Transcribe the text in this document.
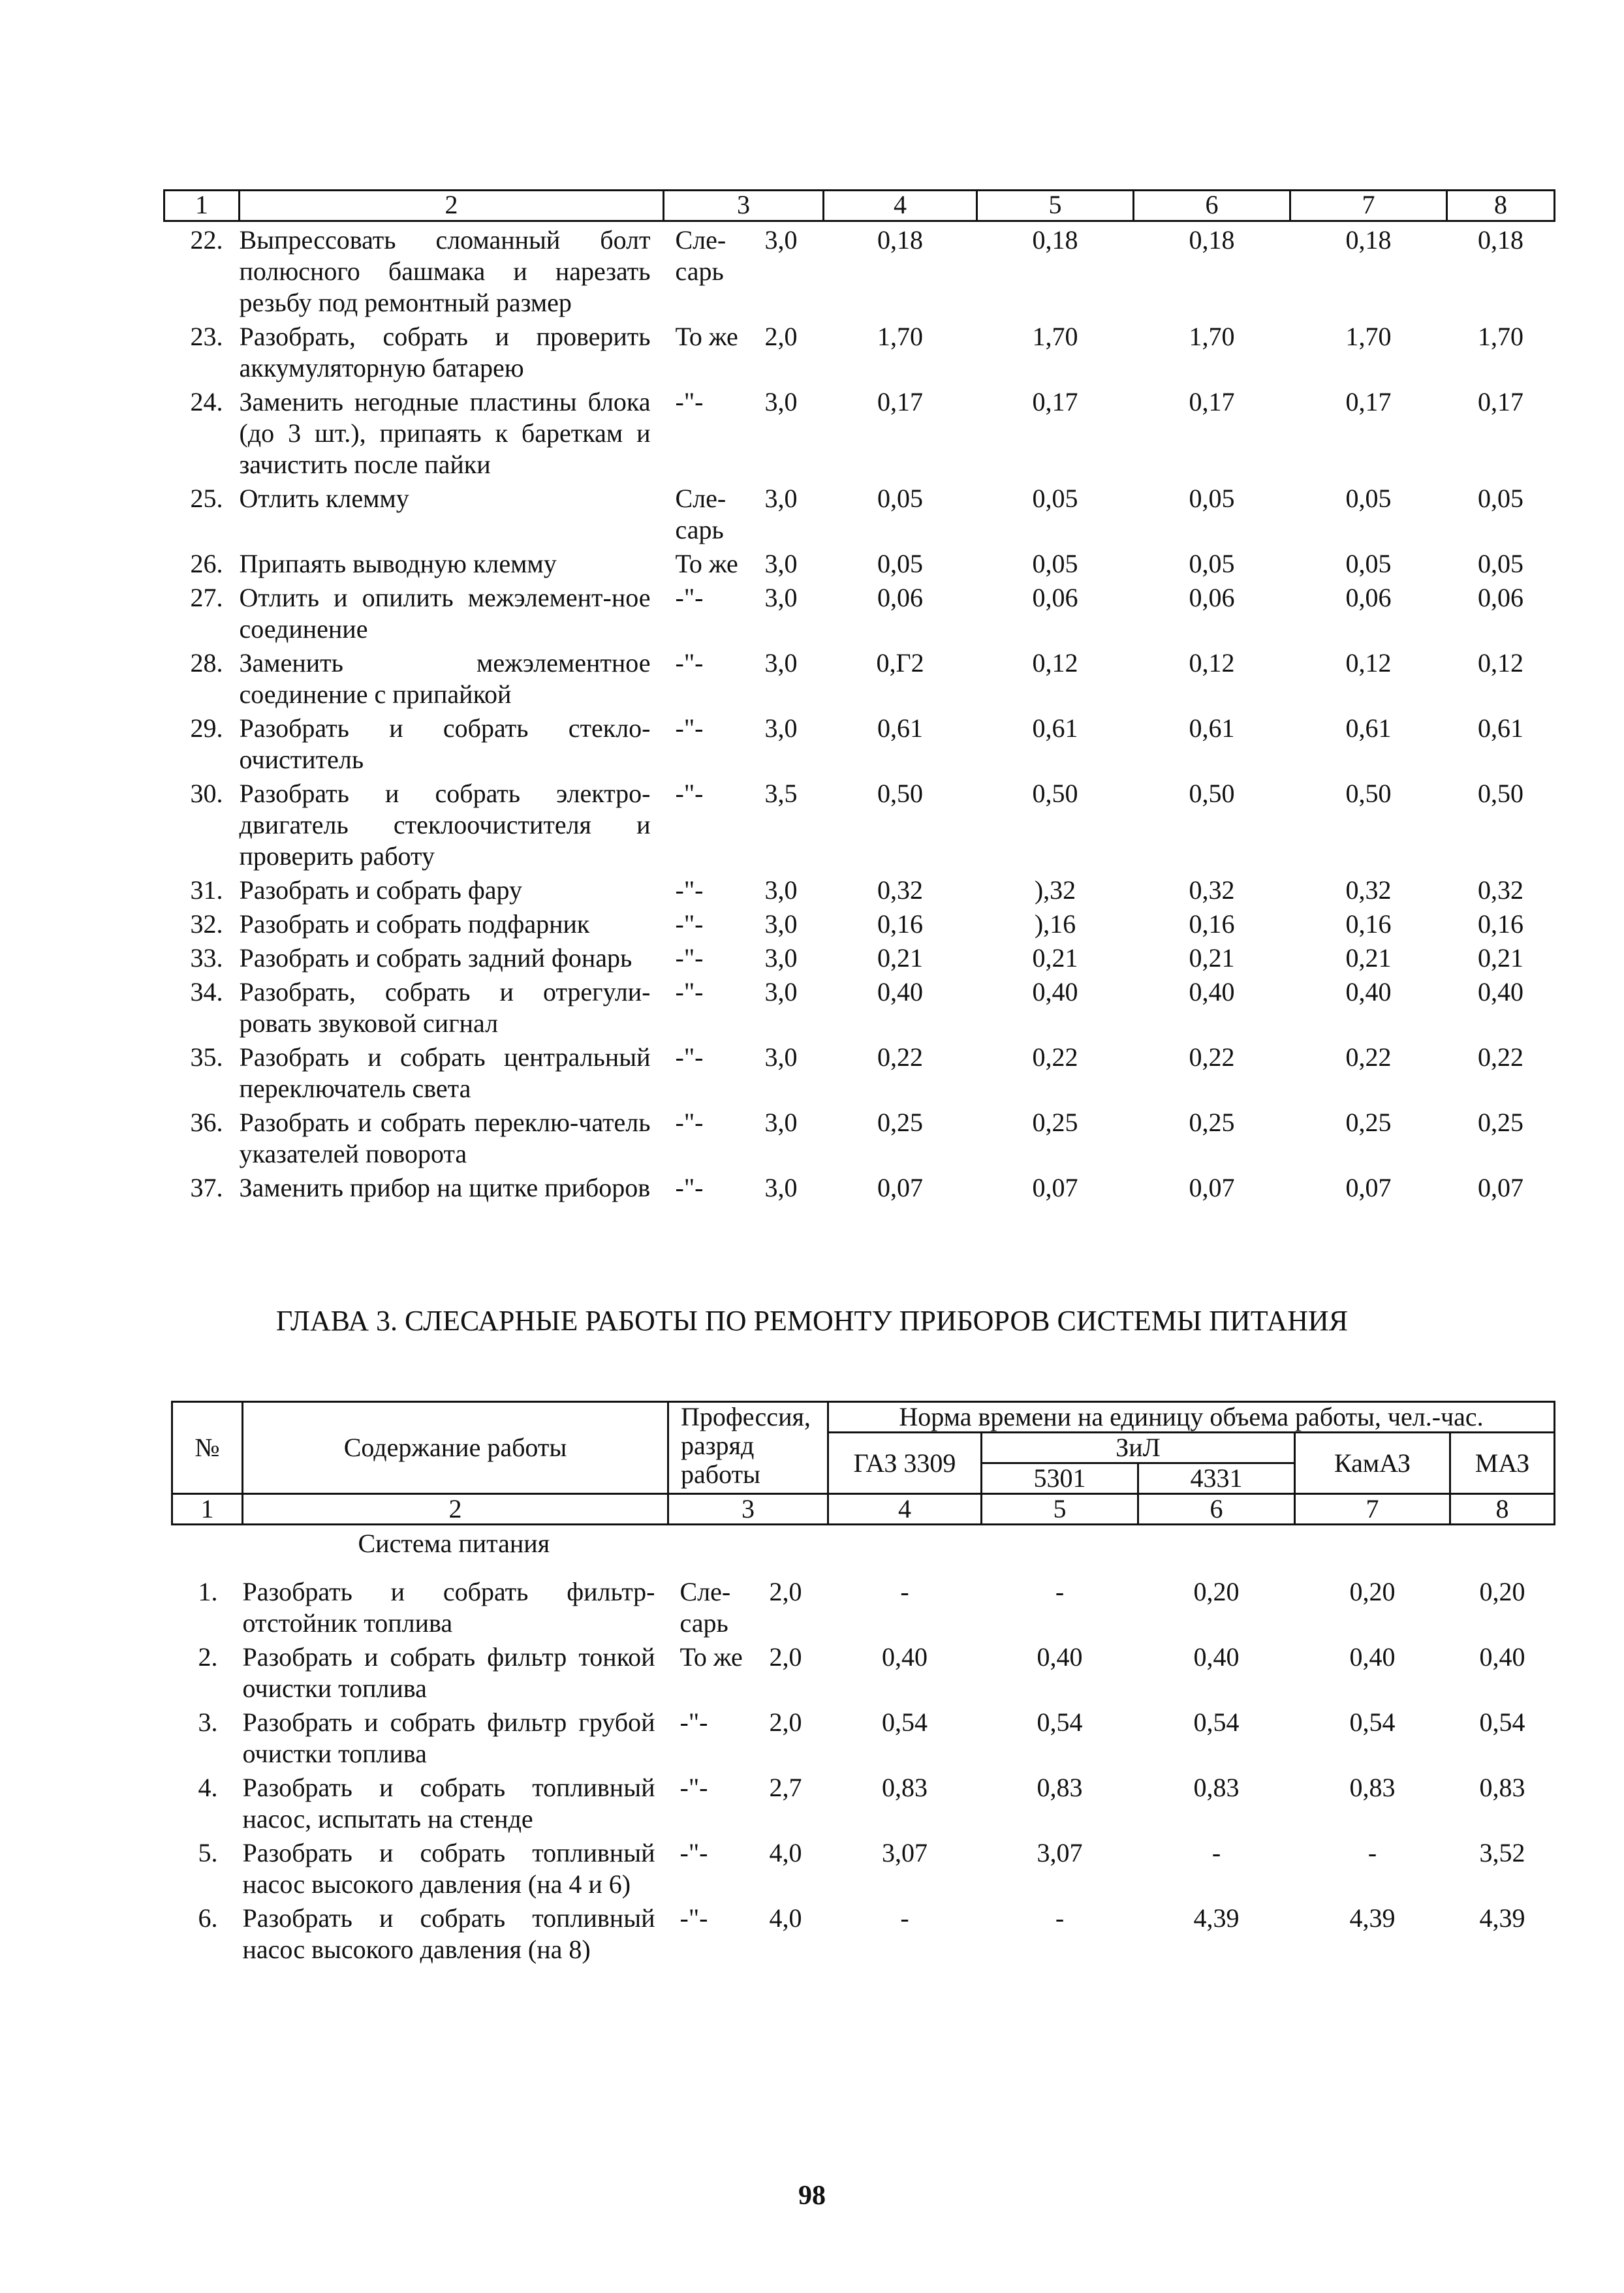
1	2	3		4	5	6	7	8
22.	Выпрессовать сломанный болт полюсного башмака и нарезать резьбу под ремонтный размер	Сле-сарь	3,0	0,18	0,18	0,18	0,18	0,18
23.	Разобрать, собрать и проверить аккумуляторную батарею	То же	2,0	1,70	1,70	1,70	1,70	1,70
24.	Заменить негодные пластины блока (до 3 шт.), припаять к бареткам и зачистить после пайки	-"-	3,0	0,17	0,17	0,17	0,17	0,17
25.	Отлить клемму	Сле-сарь	3,0	0,05	0,05	0,05	0,05	0,05
26.	Припаять выводную клемму	То же	3,0	0,05	0,05	0,05	0,05	0,05
27.	Отлить и опилить межэлемент-ное соединение	-"-	3,0	0,06	0,06	0,06	0,06	0,06
28.	Заменить межэлементное соединение с припайкой	-"-	3,0	0,Г2	0,12	0,12	0,12	0,12
29.	Разобрать и собрать стекло-очиститель	-"-	3,0	0,61	0,61	0,61	0,61	0,61
30.	Разобрать и собрать электро-двигатель стеклоочистителя и проверить работу	-"-	3,5	0,50	0,50	0,50	0,50	0,50
31.	Разобрать и собрать фару	-"-	3,0	0,32	),32	0,32	0,32	0,32
32.	Разобрать и собрать подфарник	-"-	3,0	0,16	),16	0,16	0,16	0,16
33.	Разобрать и собрать задний фонарь	-"-	3,0	0,21	0,21	0,21	0,21	0,21
34.	Разобрать, собрать и отрегули-ровать звуковой сигнал	-"-	3,0	0,40	0,40	0,40	0,40	0,40
35.	Разобрать и собрать центральный переключатель света	-"-	3,0	0,22	0,22	0,22	0,22	0,22
36.	Разобрать и собрать переклю-чатель указателей поворота	-"-	3,0	0,25	0,25	0,25	0,25	0,25
37.	Заменить прибор на щитке приборов	-"-	3,0	0,07	0,07	0,07	0,07	0,07
ГЛАВА 3. СЛЕСАРНЫЕ РАБОТЫ ПО РЕМОНТУ ПРИБОРОВ СИСТЕМЫ ПИТАНИЯ
№	Содержание работы	Профессия, разряд работы		Норма времени на единицу объема работы, чел.-час.				
				ГАЗ 3309	ЗиЛ		КамАЗ	МАЗ
					5301	4331		
1	2	3		4	5	6	7	8
Система питания								
1.	Разобрать и собрать фильтр-отстойник топлива	Сле-сарь	2,0	-	-	0,20	0,20	0,20
2.	Разобрать и собрать фильтр тонкой очистки топлива	То же	2,0	0,40	0,40	0,40	0,40	0,40
3.	Разобрать и собрать фильтр грубой очистки топлива	-"-	2,0	0,54	0,54	0,54	0,54	0,54
4.	Разобрать и собрать топливный насос, испытать на стенде	-"-	2,7	0,83	0,83	0,83	0,83	0,83
5.	Разобрать и собрать топливный насос высокого давления (на 4 и 6)	-"-	4,0	3,07	3,07	-	-	3,52
6.	Разобрать и собрать топливный насос высокого давления (на 8)	-"-	4,0	-	-	4,39	4,39	4,39
98
